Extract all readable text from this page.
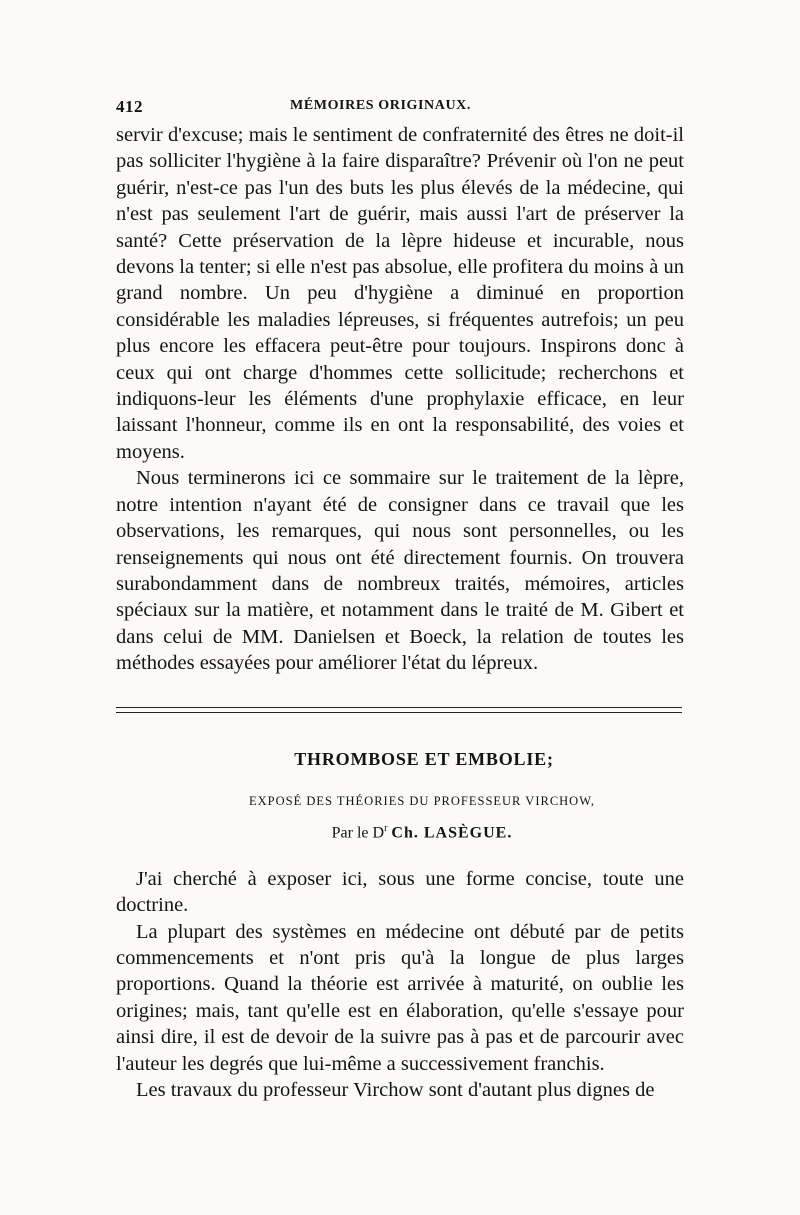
412	MÉMOIRES ORIGINAUX.

servir d'excuse; mais le sentiment de confraternité des êtres ne doit-il pas solliciter l'hygiène à la faire disparaître? Prévenir où l'on ne peut guérir, n'est-ce pas l'un des buts les plus élevés de la médecine, qui n'est pas seulement l'art de guérir, mais aussi l'art de préserver la santé? Cette préservation de la lèpre hideuse et incurable, nous devons la tenter; si elle n'est pas absolue, elle profitera du moins à un grand nombre. Un peu d'hygiène a diminué en proportion considérable les maladies lépreuses, si fréquentes autrefois; un peu plus encore les effacera peut-être pour toujours. Inspirons donc à ceux qui ont charge d'hommes cette sollicitude; recherchons et indiquons-leur les éléments d'une prophylaxie efficace, en leur laissant l'honneur, comme ils en ont la responsabilité, des voies et moyens.

Nous terminerons ici ce sommaire sur le traitement de la lèpre, notre intention n'ayant été de consigner dans ce travail que les observations, les remarques, qui nous sont personnelles, ou les renseignements qui nous ont été directement fournis. On trouvera surabondamment dans de nombreux traités, mémoires, articles spéciaux sur la matière, et notamment dans le traité de M. Gibert et dans celui de MM. Danielsen et Boeck, la relation de toutes les méthodes essayées pour améliorer l'état du lépreux.

THROMBOSE ET EMBOLIE;
EXPOSÉ DES THÉORIES DU PROFESSEUR VIRCHOW,
Par le $D^r$ Ch. LASÈGUE.

J'ai cherché à exposer ici, sous une forme concise, toute une doctrine.

La plupart des systèmes en médecine ont débuté par de petits commencements et n'ont pris qu'à la longue de plus larges proportions. Quand la théorie est arrivée à maturité, on oublie les origines; mais, tant qu'elle est en élaboration, qu'elle s'essaye pour ainsi dire, il est de devoir de la suivre pas à pas et de parcourir avec l'auteur les degrés que lui-même a successivement franchis.

Les travaux du professeur Virchow sont d'autant plus dignes de
